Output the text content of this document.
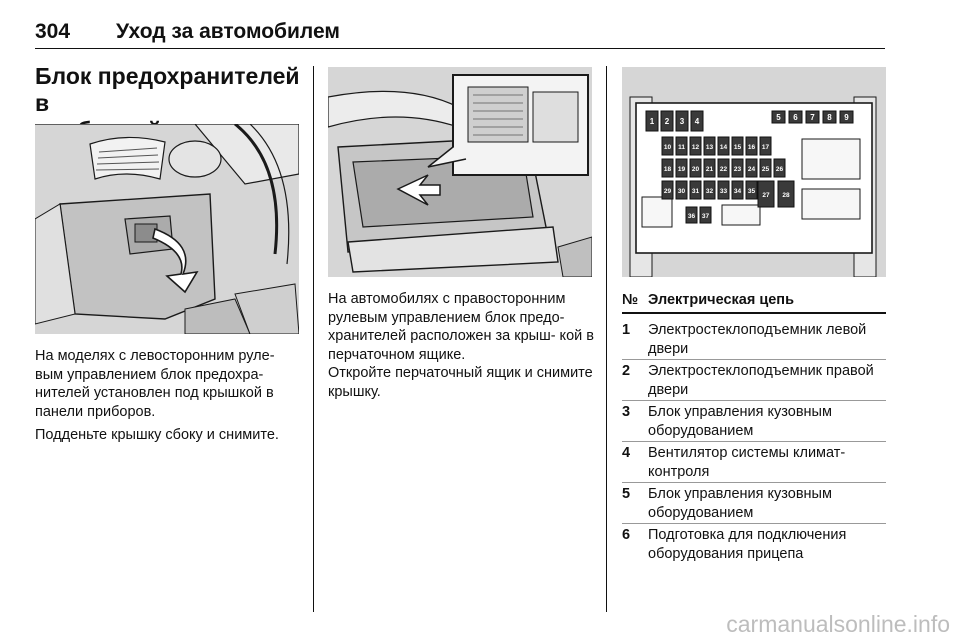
304 Уход за автомобилем
Блок предохранителей в

На моделях с левосторонним руле- вым управлением блок предохра- нителей установлен под крышкой в панели приборов.

Подденьте крышку сбоку и снимите.

На автомобилях с правосторонним рулевым управлением блок предо- хранителей расположен за крыш- кой в перчаточном ящике.

Откройте перчаточный ящик и снимите крышку.

1 2 3 4	5 6 7 8 9
10 11 12 13 14 15 16 17
18 19 20 21 22 23 24 25 26
27 28
29 30 31 32 33 34 35
36 37
№ Электрическая цепь
1 Электростеклоподъемник левой двери
2 Электростеклоподъемник правой двери
3 Блок управления кузовным оборудованием
4 Вентилятор системы климат- контроля
5 Блок управления кузовным оборудованием
6 Подготовка для подключения оборудования прицепа
carmanualsonline.info
